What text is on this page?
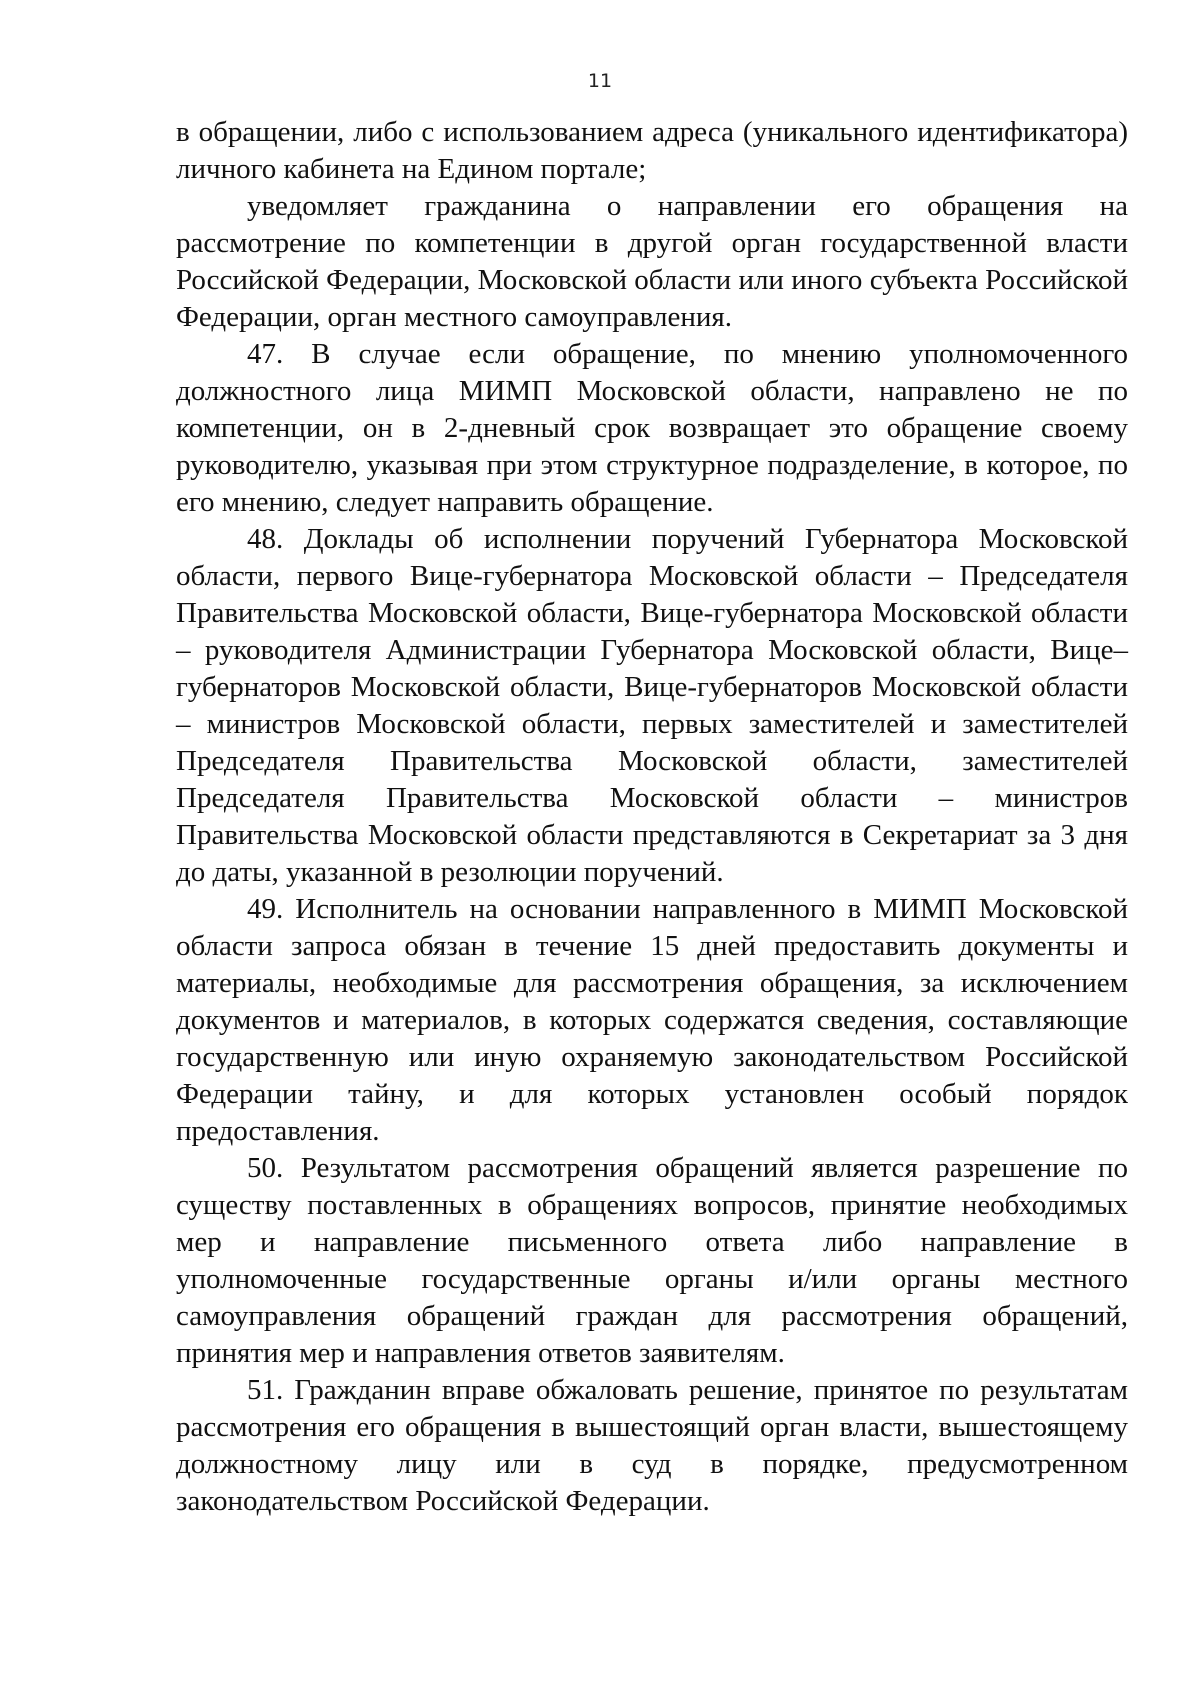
11

в обращении, либо с использованием адреса (уникального идентификатора) личного кабинета на Едином портале;

уведомляет гражданина о направлении его обращения на рассмотрение по компетенции в другой орган государственной власти Российской Федерации, Московской области или иного субъекта Российской Федерации, орган местного самоуправления.

47. В случае если обращение, по мнению уполномоченного должностного лица МИМП Московской области, направлено не по компетенции, он в 2-дневный срок возвращает это обращение своему руководителю, указывая при этом структурное подразделение, в которое, по его мнению, следует направить обращение.

48. Доклады об исполнении поручений Губернатора Московской области, первого Вице-губернатора Московской области – Председателя Правительства Московской области, Вице-губернатора Московской области – руководителя Администрации Губернатора Московской области, Вице–губернаторов Московской области, Вице-губернаторов Московской области – министров Московской области, первых заместителей и заместителей Председателя Правительства Московской области, заместителей Председателя Правительства Московской области – министров Правительства Московской области представляются в Секретариат за 3 дня до даты, указанной в резолюции поручений.

49. Исполнитель на основании направленного в МИМП Московской области запроса обязан в течение 15 дней предоставить документы и материалы, необходимые для рассмотрения обращения, за исключением документов и материалов, в которых содержатся сведения, составляющие государственную или иную охраняемую законодательством Российской Федерации тайну, и для которых установлен особый порядок предоставления.

50. Результатом рассмотрения обращений является разрешение по существу поставленных в обращениях вопросов, принятие необходимых мер и направление письменного ответа либо направление в уполномоченные государственные органы и/или органы местного самоуправления обращений граждан для рассмотрения обращений, принятия мер и направления ответов заявителям.

51. Гражданин вправе обжаловать решение, принятое по результатам рассмотрения его обращения в вышестоящий орган власти, вышестоящему должностному лицу или в суд в порядке, предусмотренном законодательством Российской Федерации.
